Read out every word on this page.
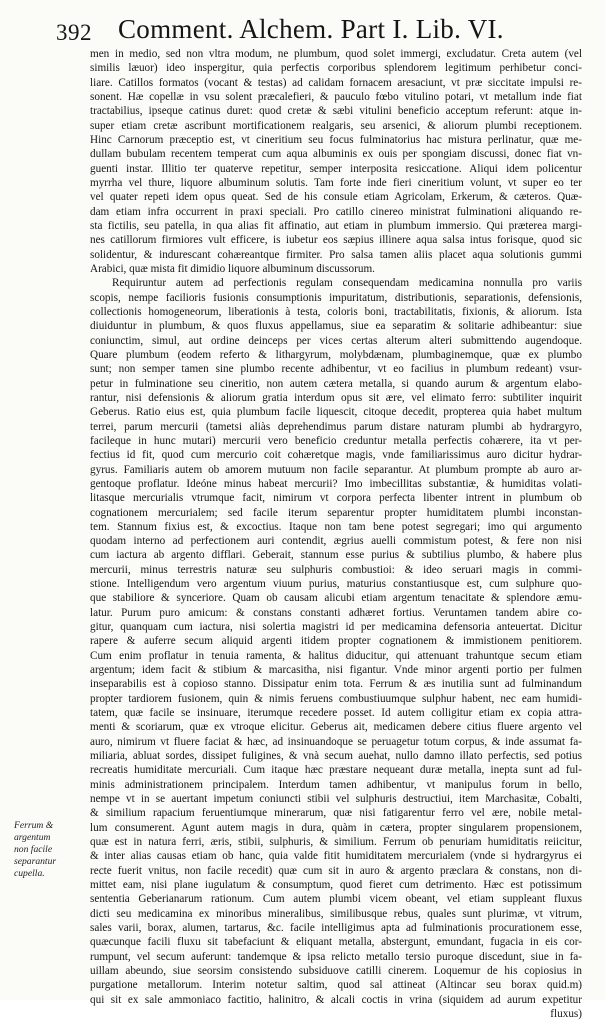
392 Comment. Alchem. Part I. Lib. VI.
Ferrum &
argentum
non facile
separantur
cupella.
men in medio, sed non vltra modum, ne plumbum, quod solet immergi, excludatur. Creta autem (vel
similis læuor) ideo inspergitur, quia perfectis corporibus splendorem legitimum perhibetur conci-
liare. Catillos formatos (vocant & testas) ad calidam fornacem aresaciunt, vt præ siccitate impulsi re-
sonent. Hæ copellæ in vsu solent præcalefieri, & pauculo fœbo vitulino potari, vt metallum inde fiat
tractabilius, ipseque catinus duret: quod cretæ & sæbi vitulini beneficio acceptum referunt: atque in-
super etiam cretæ ascribunt mortificationem realgaris, seu arsenici, & aliorum plumbi receptionem.
Hinc Carnorum præceptio est, vt cineritium seu focus fulminatorius hac mistura perlinatur, quæ me-
dullam bubulam recentem temperat cum aqua albuminis ex ouis per spongiam discussi, donec fiat vn-
guenti instar. Illitio ter quaterve repetitur, semper interposita resiccatione. Aliqui idem policentur
myrrha vel thure, liquore albuminum solutis. Tam forte inde fieri cineritium volunt, vt super eo ter
vel quater repeti idem opus queat. Sed de his consule etiam Agricolam, Erkerum, & cæteros. Quæ-
dam etiam infra occurrent in praxi speciali. Pro catillo cinereo ministrat fulminationi aliquando re-
sta fictilis, seu patella, in qua alias fit affinatio, aut etiam in plumbum immersio. Qui præterea margi-
nes catillorum firmiores vult efficere, is iubetur eos sæpius illinere aqua salsa intus forisque, quod sic
solidentur, & indurescant cohæreantque firmiter. Pro salsa tamen aliis placet aqua solutionis gummi
Arabici, quæ mista fit dimidio liquore albuminum discussorum.
Requiruntur autem ad perfectionis regulam consequendam medicamina nonnulla pro variis
scopis, nempe facilioris fusionis consumptionis impuritatum, distributionis, separationis, defensionis,
collectionis homogeneorum, liberationis à testa, coloris boni, tractabilitatis, fixionis, & aliorum. Ista
diuiduntur in plumbum, & quos fluxus appellamus, siue ea separatim & solitarie adhibeantur: siue
coniunctim, simul, aut ordine deinceps per vices certas alterum alteri submittendo augendoque.
Quare plumbum (eodem referto & lithargyrum, molybdænam, plumbaginemque, quæ ex plumbo
sunt; non semper tamen sine plumbo recente adhibentur, vt eo facilius in plumbum redeant) vsur-
petur in fulminatione seu cineritio, non autem cætera metalla, si quando aurum & argentum elabo-
rantur, nisi defensionis & aliorum gratia interdum opus sit ære, vel elimato ferro: subtiliter inquirit
Geberus. Ratio eius est, quia plumbum facile liquescit, citoque decedit, propterea quia habet multum
terrei, parum mercurii (tametsi aliàs deprehendimus parum distare naturam plumbi ab hydrargyro,
facileque in hunc mutari) mercurii vero beneficio creduntur metalla perfectis cohærere, ita vt per-
fectius id fit, quod cum mercurio coit cohæretque magis, vnde familiarissimus auro dicitur hydrar-
gyrus. Familiaris autem ob amorem mutuum non facile separantur. At plumbum prompte ab auro ar-
gentoque proflatur. Ideóne minus habeat mercurii? Imo imbecillitas substantiæ, & humiditas volati-
litasque mercurialis vtrumque facit, nimirum vt corpora perfecta libenter intrent in plumbum ob
cognationem mercurialem; sed facile iterum separentur propter humiditatem plumbi inconstan-
tem. Stannum fixius est, & excoctius. Itaque non tam bene potest segregari; imo qui argumento
quodam interno ad perfectionem auri contendit, ægrius auelli commistum potest, & fere non nisi
cum iactura ab argento difflari. Geberait, stannum esse purius & subtilius plumbo, & habere plus
mercurii, minus terrestris naturæ seu sulphuris combustioi: & ideo seruari magis in commi-
stione. Intelligendum vero argentum viuum purius, maturius constantiusque est, cum sulphure quo-
que stabiliore & synceriore. Quam ob causam alicubi etiam argentum tenacitate & splendore æmu-
latur. Purum puro amicum: & constans constanti adhæret fortius. Veruntamen tandem abire co-
gitur, quanquam cum iactura, nisi solertia magistri id per medicamina defensoria anteuertat. Dicitur
rapere & auferre secum aliquid argenti itidem propter cognationem & immistionem penitiorem.
Cum enim proflatur in tenuia ramenta, & halitus diducitur, qui attenuant trahuntque secum etiam
argentum; idem facit & stibium & marcasitha, nisi figantur. Vnde minor argenti portio per fulmen
inseparabilis est à copioso stanno. Dissipatur enim tota. Ferrum & æs inutilia sunt ad fulminandum
propter tardiorem fusionem, quin & nimis feruens combustiuumque sulphur habent, nec eam humidi-
tatem, quæ facile se insinuare, iterumque recedere posset. Id autem colligitur etiam ex copia attra-
menti & scoriarum, quæ ex vtroque elicitur. Geberus ait, medicamen debere citius fluere argento vel
auro, nimirum vt fluere faciat & hæc, ad insinuandoque se peruagetur totum corpus, & inde assumat fa-
miliaria, abluat sordes, dissipet fuligines, & vnà secum auehat, nullo damno illato perfectis, sed potius
recreatis humiditate mercuriali. Cum itaque hæc præstare nequeant duræ metalla, inepta sunt ad ful-
minis administrationem principalem. Interdum tamen adhibentur, vt manipulus forum in bello,
nempe vt in se auertant impetum coniuncti stibii vel sulphuris destructiui, item Marchasitæ, Cobalti,
& similium rapacium feruentiumque minerarum, quæ nisi fatigarentur ferro vel ære, nobile metal-
lum consumerent. Agunt autem magis in dura, quàm in cætera, propter singularem propensionem,
quæ est in natura ferri, æris, stibii, sulphuris, & similium. Ferrum ob penuriam humiditatis reiicitur,
& inter alias causas etiam ob hanc, quia valde fitit humiditatem mercurialem (vnde si hydrargyrus ei
recte fuerit vnitus, non facile recedit) quæ cum sit in auro & argento præclara & constans, non di-
mittet eam, nisi plane iugulatum & consumptum, quod fieret cum detrimento. Hæc est potissimum
sententia Geberianarum rationum. Cum autem plumbi vicem obeant, vel etiam suppleant fluxus
dicti seu medicamina ex minoribus mineralibus, similibusque rebus, quales sunt plurimæ, vt vitrum,
sales varii, borax, alumen, tartarus, &c. facile intelligimus apta ad fulminationis procurationem esse,
quæcunque facili fluxu sit tabefaciunt & eliquant metalla, abstergunt, emundant, fugacia in eis cor-
rumpunt, vel secum auferunt: tandemque & ipsa relicto metallo tersio puroque discedunt, siue in fa-
uillam abeundo, siue seorsim consistendo subsiduove catilli cinerem. Loquemur de his copiosius in
purgatione metallorum. Interim notetur saltim, quod sal attineat (Altincar seu borax quid.m)
qui sit ex sale ammoniaco factitio, halinitro, & alcali coctis in vrina (siquidem ad aurum expetitur
fluxus)
